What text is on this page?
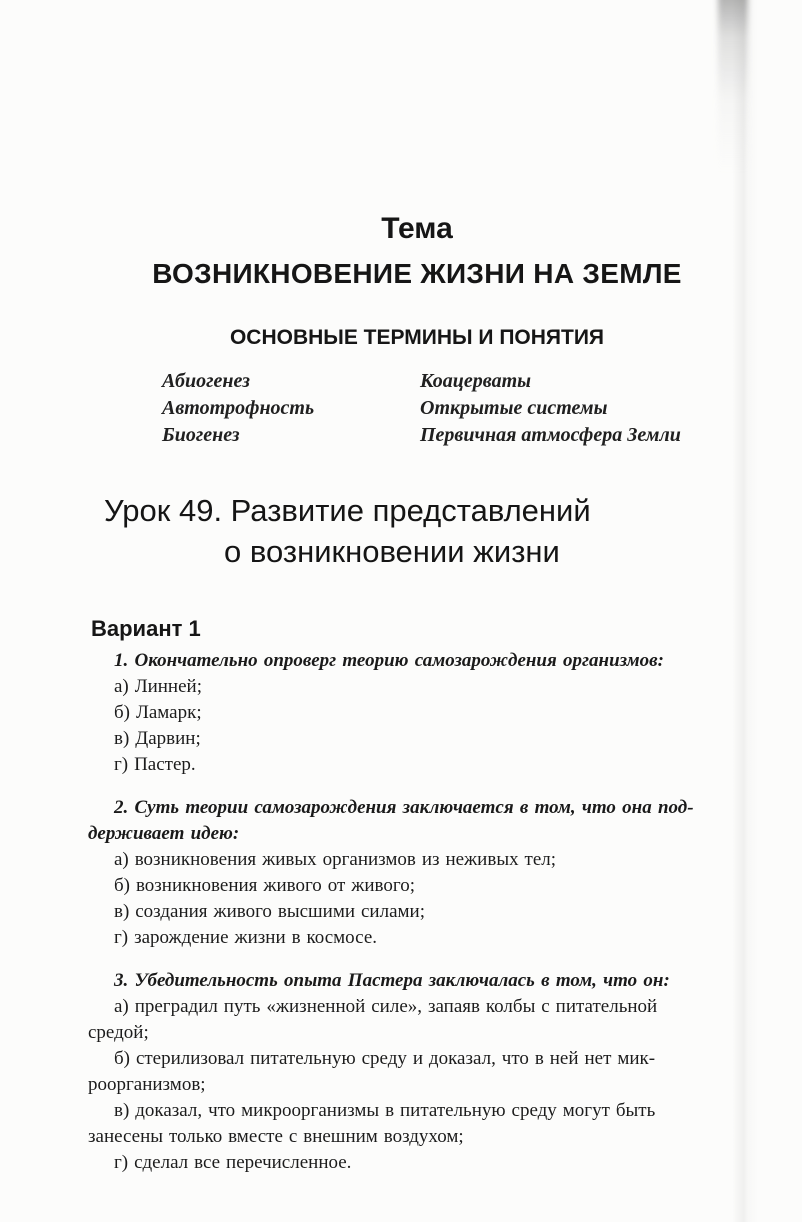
Тема
ВОЗНИКНОВЕНИЕ ЖИЗНИ НА ЗЕМЛЕ
ОСНОВНЫЕ ТЕРМИНЫ И ПОНЯТИЯ
Абиогенез
Автотрофность
Биогенез
Коацерваты
Открытые системы
Первичная атмосфера Земли
Урок 49. Развитие представлений
о возникновении жизни
Вариант 1
1. Окончательно опроверг теорию самозарождения организмов:
а) Линней;
б) Ламарк;
в) Дарвин;
г) Пастер.
2. Суть теории самозарождения заключается в том, что она под-
держивает идею:
а) возникновения живых организмов из неживых тел;
б) возникновения живого от живого;
в) создания живого высшими силами;
г) зарождение жизни в космосе.
3. Убедительность опыта Пастера заключалась в том, что он:
а) преградил путь «жизненной силе», запаяв колбы с питательной
средой;
б) стерилизовал питательную среду и доказал, что в ней нет мик-
роорганизмов;
в) доказал, что микроорганизмы в питательную среду могут быть
занесены только вместе с внешним воздухом;
г) сделал все перечисленное.
